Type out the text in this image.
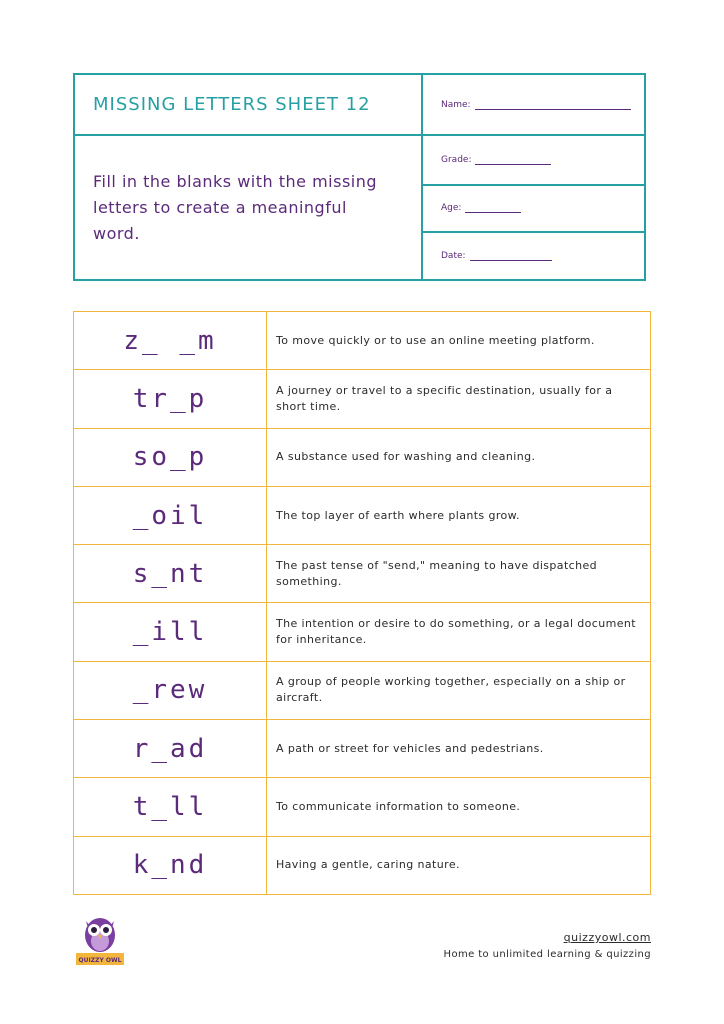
MISSING LETTERS SHEET 12	Name:
Fill in the blanks with the missing letters to create a meaningful word.
Grade:
Age:
Date:
z_ _m	To move quickly or to use an online meeting platform.
tr_p	A journey or travel to a specific destination, usually for a short time.
so_p	A substance used for washing and cleaning.
_oil	The top layer of earth where plants grow.
s_nt	The past tense of "send," meaning to have dispatched something.
_ill	The intention or desire to do something, or a legal document for inheritance.
_rew	A group of people working together, especially on a ship or aircraft.
r_ad	A path or street for vehicles and pedestrians.
t_ll	To communicate information to someone.
k_nd	Having a gentle, caring nature.
QUIZZY OWL
quizzyowl.com
Home to unlimited learning & quizzing
